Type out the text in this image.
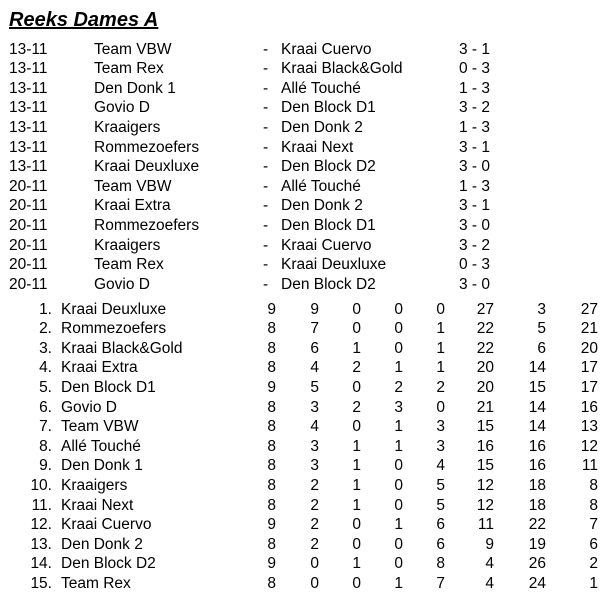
Reeks Dames A
13-11	Team VBW	- Kraai Cuervo	3 - 1
13-11	Team Rex	- Kraai Black&Gold	0 - 3
13-11	Den Donk 1	- Allé Touché	1 - 3
13-11	Govio D	- Den Block D1	3 - 2
13-11	Kraaigers	- Den Donk 2	1 - 3
13-11	Rommezoefers	- Kraai Next	3 - 1
13-11	Kraai Deuxluxe	- Den Block D2	3 - 0
20-11	Team VBW	- Allé Touché	1 - 3
20-11	Kraai Extra	- Den Donk 2	3 - 1
20-11	Rommezoefers	- Den Block D1	3 - 0
20-11	Kraaigers	- Kraai Cuervo	3 - 2
20-11	Team Rex	- Kraai Deuxluxe	0 - 3
20-11	Govio D	- Den Block D2	3 - 0
1. Kraai Deuxluxe	9	9	0	0	0	27	3	27
2. Rommezoefers	8	7	0	0	1	22	5	21
3. Kraai Black&Gold	8	6	1	0	1	22	6	20
4. Kraai Extra	8	4	2	1	1	20	14	17
5. Den Block D1	9	5	0	2	2	20	15	17
6. Govio D	8	3	2	3	0	21	14	16
7. Team VBW	8	4	0	1	3	15	14	13
8. Allé Touché	8	3	1	1	3	16	16	12
9. Den Donk 1	8	3	1	0	4	15	16	11
10. Kraaigers	8	2	1	0	5	12	18	8
11. Kraai Next	8	2	1	0	5	12	18	8
12. Kraai Cuervo	9	2	0	1	6	11	22	7
13. Den Donk 2	8	2	0	0	6	9	19	6
14. Den Block D2	9	0	1	0	8	4	26	2
15. Team Rex	8	0	0	1	7	4	24	1
